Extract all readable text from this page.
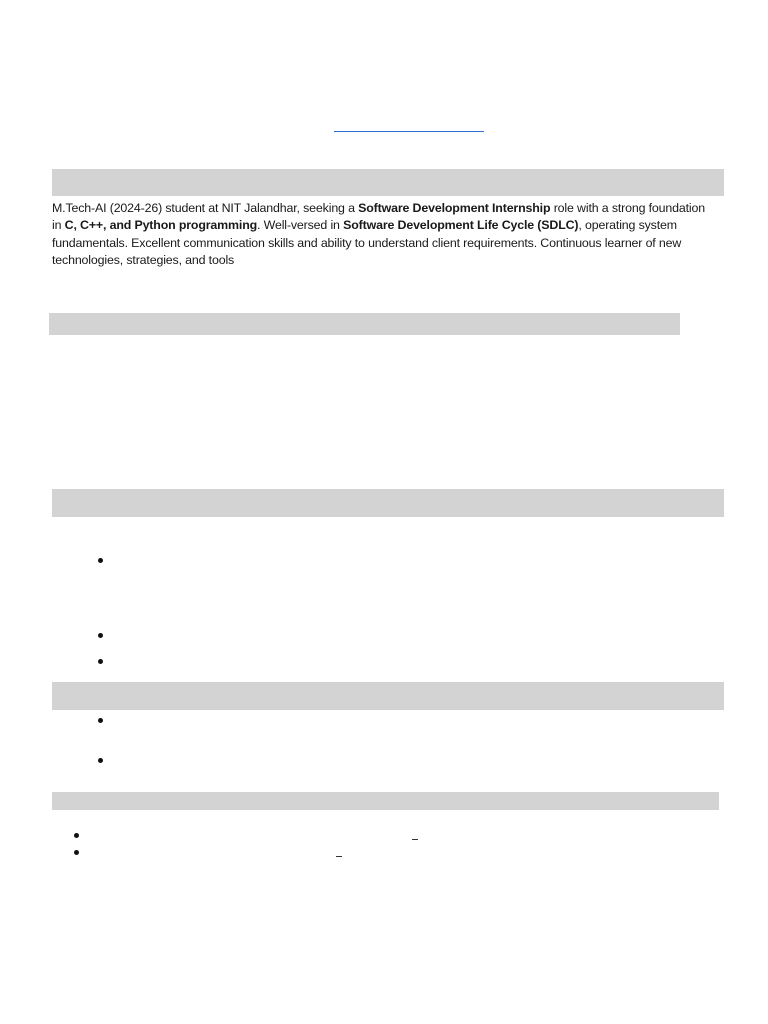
M.Tech-AI (2024-26) student at NIT Jalandhar, seeking a Software Development Internship role with a strong foundation in C, C++, and Python programming. Well-versed in Software Development Life Cycle (SDLC), operating system fundamentals. Excellent communication skills and ability to understand client requirements. Continuous learner of new technologies, strategies, and tools
